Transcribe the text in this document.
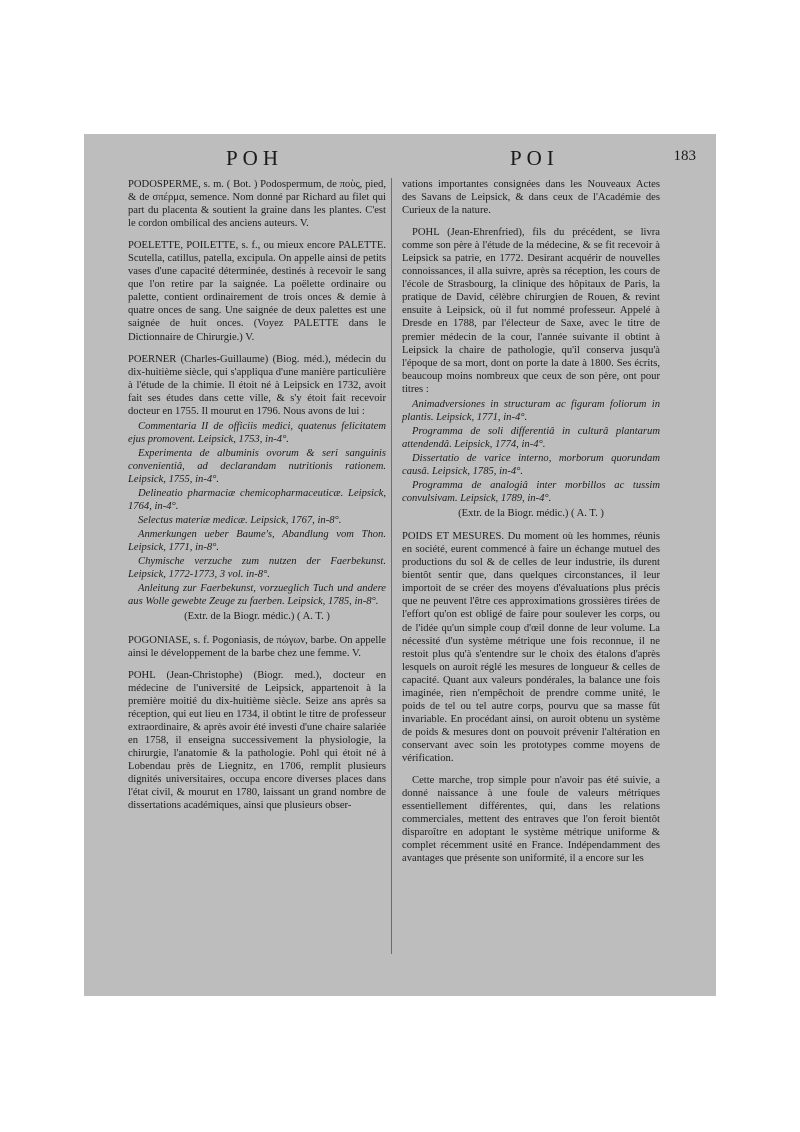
POH	POI	183

PODOSPERME, s. m. ( Bot. ) Podospermum, de ποὺς, pied, & de σπέρμα, semence. Nom donné par Richard au filet qui part du placenta & soutient la graine dans les plantes. C'est le cordon ombilical des anciens auteurs. V.

POELETTE, POILETTE, s. f., ou mieux encore PALETTE. Scutella, catillus, patella, excipula. On appelle ainsi de petits vases d'une capacité déterminée, destinés à recevoir le sang que l'on retire par la saignée. La poëlette ordinaire ou palette, contient ordinairement de trois onces & demie à quatre onces de sang. Une saignée de deux palettes est une saignée de huit onces. (Voyez PALETTE dans le Dictionnaire de Chirurgie.) V.

POERNER (Charles-Guillaume) (Biog. méd.), médecin du dix-huitième siècle, qui s'appliqua d'une manière particulière à l'étude de la chimie. Il étoit né à Leipsick en 1732, avoit fait ses études dans cette ville, & s'y étoit fait recevoir docteur en 1755. Il mourut en 1796. Nous avons de lui :

Commentaria II de officiis medici, quatenus felicitatem ejus promovent. Leipsick, 1753, in-4°.

Experimenta de albuminis ovorum & seri sanguinis convenientiâ, ad declarandam nutritionis rationem. Leipsick, 1755, in-4°.

Delineatio pharmaciæ chemicopharmaceuticæ. Leipsick, 1764, in-4°.

Selectus materiæ medicæ. Leipsick, 1767, in-8°.

Anmerkungen ueber Baume's, Abandlung vom Thon. Leipsick, 1771, in-8°.

Chymische verzuche zum nutzen der Faerbekunst. Leipsick, 1772-1773, 3 vol. in-8°.

Anleitung zur Faerbekunst, vorzueglich Tuch und andere aus Wolle gewebte Zeuge zu faerben. Leipsick, 1785, in-8°.

(Extr. de la Biogr. médic.) ( A. T. )

POGONIASE, s. f. Pogoniasis, de πώγων, barbe. On appelle ainsi le développement de la barbe chez une femme. V.

POHL (Jean-Christophe) (Biogr. med.), docteur en médecine de l'université de Leipsick, appartenoit à la première moitié du dix-huitième siècle. Seize ans après sa réception, qui eut lieu en 1734, il obtint le titre de professeur extraordinaire, & après avoir été investi d'une chaire salariée en 1758, il enseigna successivement la physiologie, la chirurgie, l'anatomie & la pathologie. Pohl qui étoit né à Lobendau près de Liegnitz, en 1706, remplit plusieurs dignités universitaires, occupa encore diverses places dans l'état civil, & mourut en 1780, laissant un grand nombre de dissertations académiques, ainsi que plusieurs obser-

vations importantes consignées dans les Nouveaux Actes des Savans de Leipsick, & dans ceux de l'Académie des Curieux de la nature.

POHL (Jean-Ehrenfried), fils du précédent, se livra comme son père à l'étude de la médecine, & se fit recevoir à Leipsick sa patrie, en 1772. Desirant acquérir de nouvelles connoissances, il alla suivre, après sa réception, les cours de l'école de Strasbourg, la clinique des hôpitaux de Paris, la pratique de David, célèbre chirurgien de Rouen, & revint ensuite à Leipsick, où il fut nommé professeur. Appelé à Dresde en 1788, par l'électeur de Saxe, avec le titre de premier médecin de la cour, l'année suivante il obtint à Leipsick la chaire de pathologie, qu'il conserva jusqu'à l'époque de sa mort, dont on porte la date à 1800. Ses écrits, beaucoup moins nombreux que ceux de son père, ont pour titres :

Animadversiones in structuram ac figuram foliorum in plantis. Leipsick, 1771, in-4°.

Programma de soli differentiâ in culturâ plantarum attendendâ. Leipsick, 1774, in-4°.

Dissertatio de varice interno, morborum quorundam causâ. Leipsick, 1785, in-4°.

Programma de analogiâ inter morbillos ac tussim convulsivam. Leipsick, 1789, in-4°.

(Extr. de la Biogr. médic.) ( A. T. )

POIDS ET MESURES. Du moment où les hommes, réunis en société, eurent commencé à faire un échange mutuel des productions du sol & de celles de leur industrie, ils durent bientôt sentir que, dans quelques circonstances, il leur importoit de se créer des moyens d'évaluations plus précis que ne peuvent l'être ces approximations grossières tirées de l'effort qu'on est obligé de faire pour soulever les corps, ou de l'idée qu'un simple coup d'œil donne de leur volume. La nécessité d'un système métrique une fois reconnue, il ne restoit plus qu'à s'entendre sur le choix des étalons d'après lesquels on auroit réglé les mesures de longueur & celles de capacité. Quant aux valeurs pondérales, la balance une fois imaginée, rien n'empêchoit de prendre comme unité, le poids de tel ou tel autre corps, pourvu que sa masse fût invariable. En procédant ainsi, on auroit obtenu un système de poids & mesures dont on pouvoit prévenir l'altération en conservant avec soin les prototypes comme moyens de vérification.

Cette marche, trop simple pour n'avoir pas été suivie, a donné naissance à une foule de valeurs métriques essentiellement différentes, qui, dans les relations commerciales, mettent des entraves que l'on feroit bientôt disparoître en adoptant le système métrique uniforme & complet récemment usité en France. Indépendamment des avantages que présente son uniformité, il a encore sur les
